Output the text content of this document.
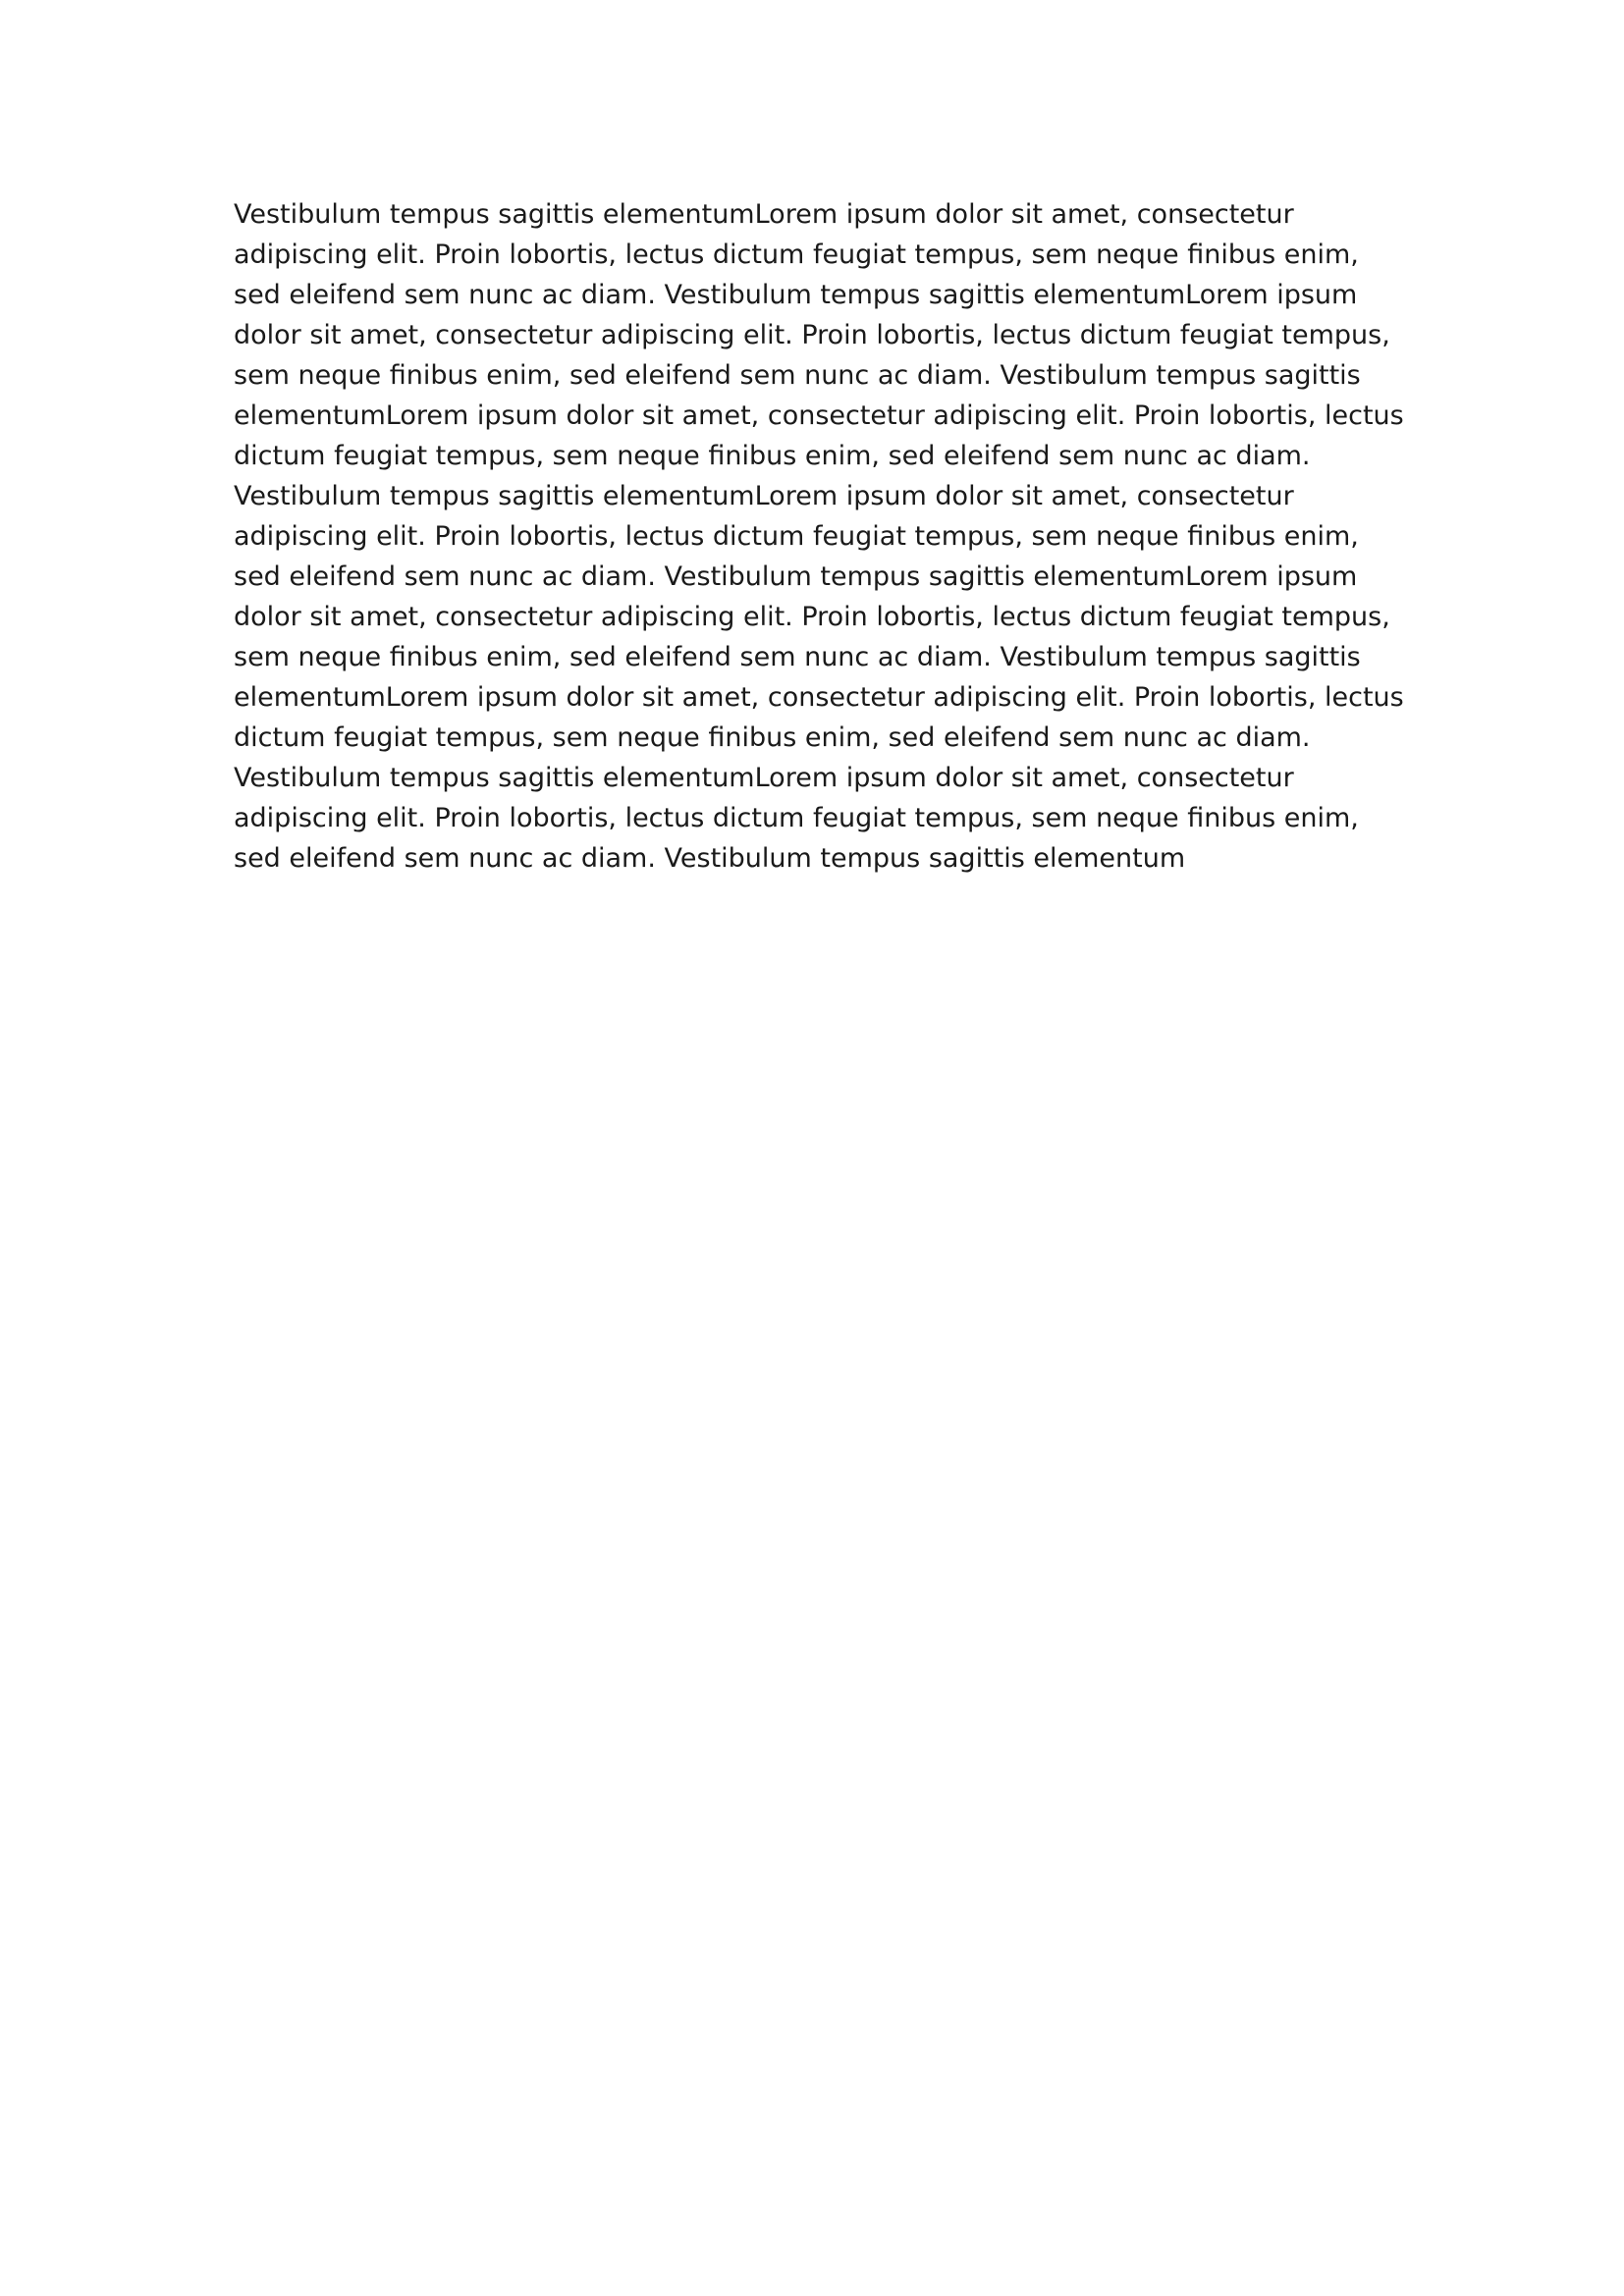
Vestibulum tempus sagittis elementumLorem ipsum dolor sit amet, consectetur
adipiscing elit. Proin lobortis, lectus dictum feugiat tempus, sem neque finibus enim,
sed eleifend sem nunc ac diam. Vestibulum tempus sagittis elementumLorem ipsum
dolor sit amet, consectetur adipiscing elit. Proin lobortis, lectus dictum feugiat tempus,
sem neque finibus enim, sed eleifend sem nunc ac diam. Vestibulum tempus sagittis
elementumLorem ipsum dolor sit amet, consectetur adipiscing elit. Proin lobortis, lectus
dictum feugiat tempus, sem neque finibus enim, sed eleifend sem nunc ac diam.
Vestibulum tempus sagittis elementumLorem ipsum dolor sit amet, consectetur
adipiscing elit. Proin lobortis, lectus dictum feugiat tempus, sem neque finibus enim,
sed eleifend sem nunc ac diam. Vestibulum tempus sagittis elementumLorem ipsum
dolor sit amet, consectetur adipiscing elit. Proin lobortis, lectus dictum feugiat tempus,
sem neque finibus enim, sed eleifend sem nunc ac diam. Vestibulum tempus sagittis
elementumLorem ipsum dolor sit amet, consectetur adipiscing elit. Proin lobortis, lectus
dictum feugiat tempus, sem neque finibus enim, sed eleifend sem nunc ac diam.
Vestibulum tempus sagittis elementumLorem ipsum dolor sit amet, consectetur
adipiscing elit. Proin lobortis, lectus dictum feugiat tempus, sem neque finibus enim,
sed eleifend sem nunc ac diam. Vestibulum tempus sagittis elementum
